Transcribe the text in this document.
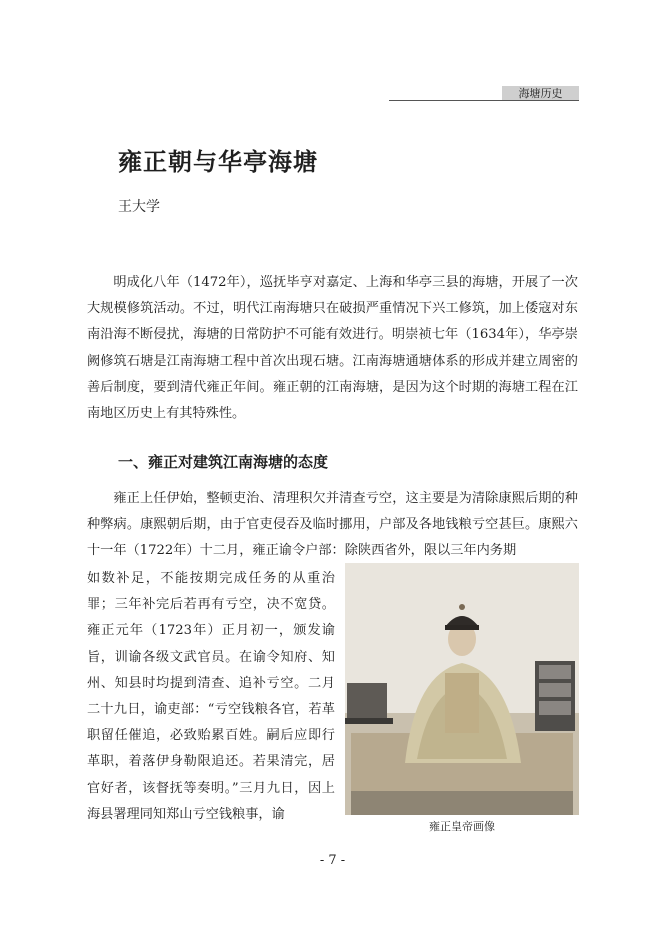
海塘历史
雍正朝与华亭海塘
王大学

明成化八年（1472年），巡抚毕亨对嘉定、上海和华亭三县的海塘，开展了一次大规模修筑活动。不过，明代江南海塘只在破损严重情况下兴工修筑，加上倭寇对东南沿海不断侵扰，海塘的日常防护不可能有效进行。明崇祯七年（1634年），华亭崇阙修筑石塘是江南海塘工程中首次出现石塘。江南海塘通塘体系的形成并建立周密的善后制度，要到清代雍正年间。雍正朝的江南海塘，是因为这个时期的海塘工程在江南地区历史上有其特殊性。

一、雍正对建筑江南海塘的态度

雍正上任伊始，整顿吏治、清理积欠并清查亏空，这主要是为清除康熙后期的种种弊病。康熙朝后期，由于官吏侵吞及临时挪用，户部及各地钱粮亏空甚巨。康熙六十一年（1722年）十二月，雍正谕令户部：除陕西省外，限以三年内务期

如数补足，不能按期完成任务的从重治罪；三年补完后若再有亏空，决不宽贷。雍正元年（1723年）正月初一，颁发谕旨，训谕各级文武官员。在谕令知府、知州、知县时均提到清查、追补亏空。二月二十九日，谕吏部：“亏空钱粮各官，若革职留任催追，必致贻累百姓。嗣后应即行革职，着落伊身勒限追还。若果清完，居官好者，该督抚等奏明。”三月九日，因上海县署理同知郑山亏空钱粮事，谕

雍正皇帝画像
- 7 -
